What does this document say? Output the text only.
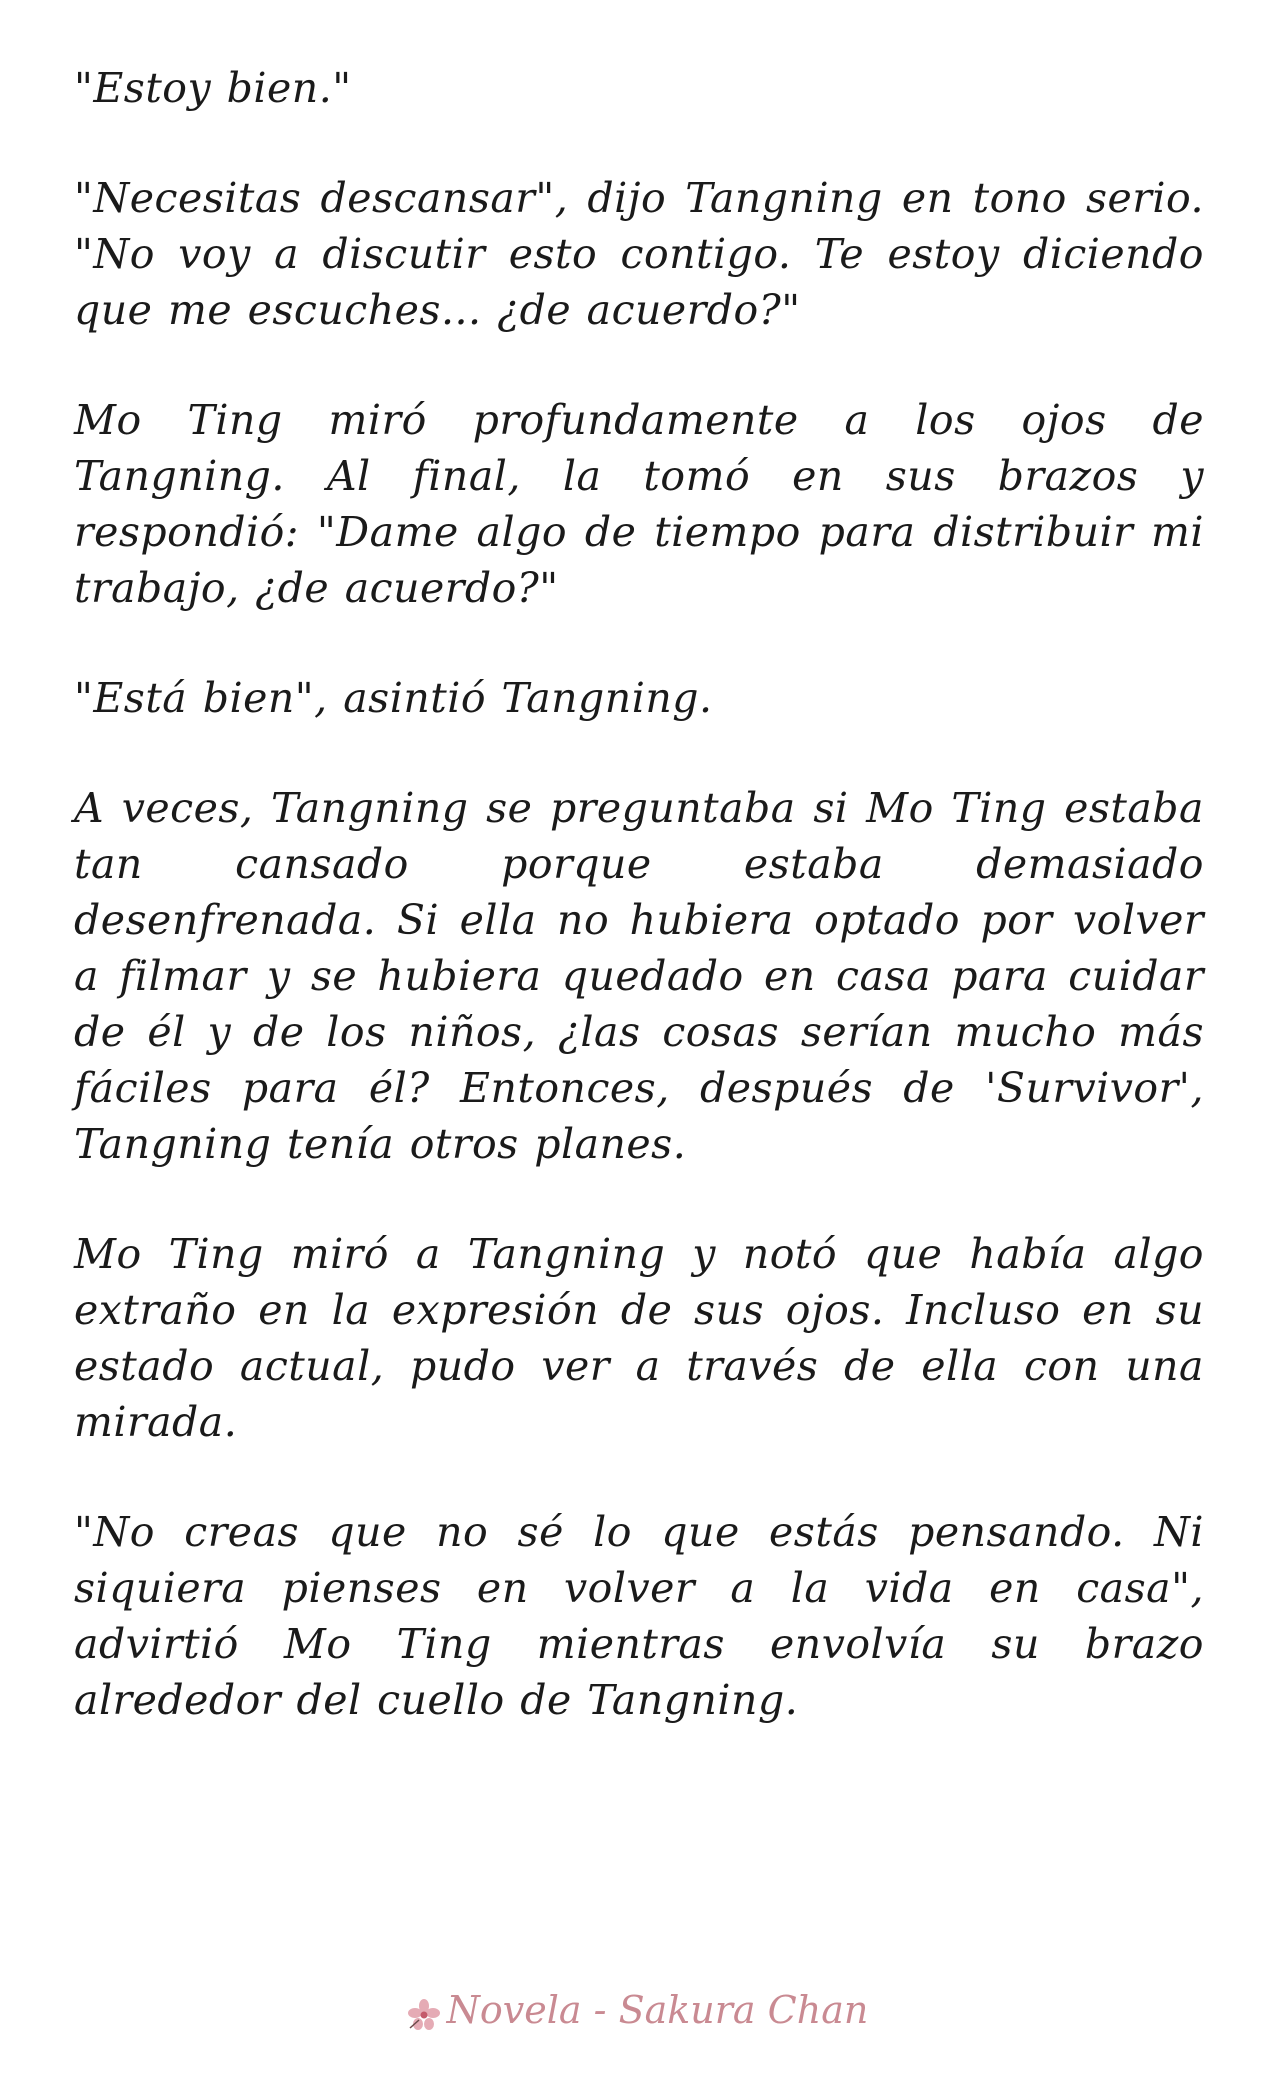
"Estoy bien."

"Necesitas descansar", dijo Tangning en tono serio. "No voy a discutir esto contigo. Te estoy diciendo que me escuches... ¿de acuerdo?"

Mo Ting miró profundamente a los ojos de Tangning. Al final, la tomó en sus brazos y respondió: "Dame algo de tiempo para distribuir mi trabajo, ¿de acuerdo?"

"Está bien", asintió Tangning.

A veces, Tangning se preguntaba si Mo Ting estaba tan cansado porque estaba demasiado desenfrenada. Si ella no hubiera optado por volver a filmar y se hubiera quedado en casa para cuidar de él y de los niños, ¿las cosas serían mucho más fáciles para él? Entonces, después de 'Survivor', Tangning tenía otros planes.

Mo Ting miró a Tangning y notó que había algo extraño en la expresión de sus ojos. Incluso en su estado actual, pudo ver a través de ella con una mirada.

"No creas que no sé lo que estás pensando. Ni siquiera pienses en volver a la vida en casa", advirtió Mo Ting mientras envolvía su brazo alrededor del cuello de Tangning.

Novela - Sakura Chan
